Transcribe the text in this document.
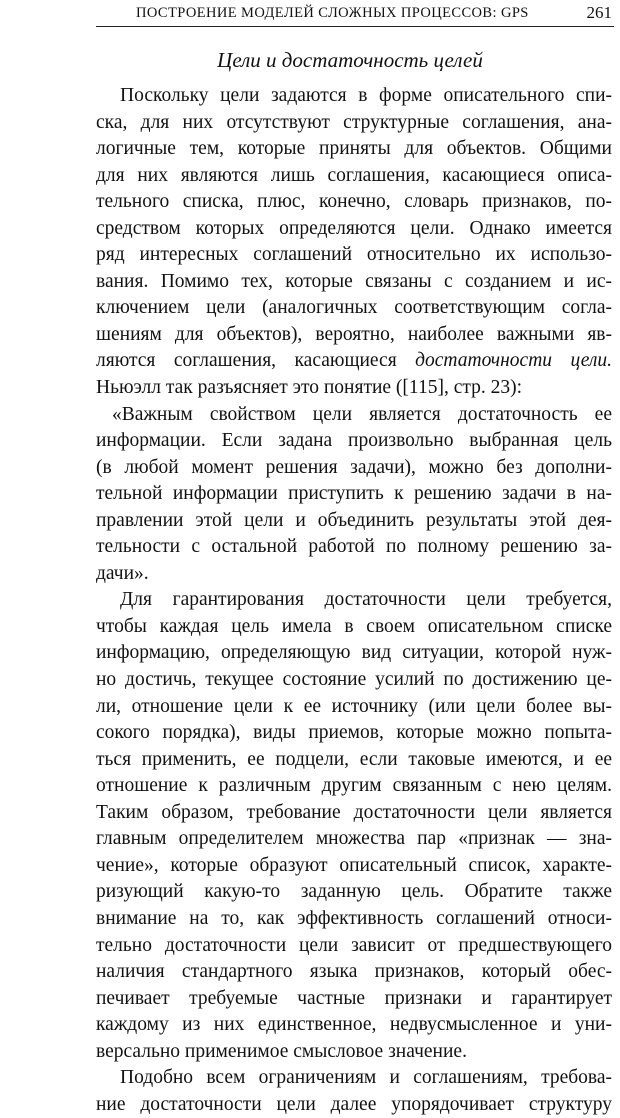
ПОСТРОЕНИЕ МОДЕЛЕЙ СЛОЖНЫХ ПРОЦЕССОВ: GPS	261
Цели и достаточность целей
Поскольку цели задаются в форме описательного спи-
ска, для них отсутствуют структурные соглашения, ана-
логичные тем, которые приняты для объектов. Общими
для них являются лишь соглашения, касающиеся описа-
тельного списка, плюс, конечно, словарь признаков, по-
средством которых определяются цели. Однако имеется
ряд интересных соглашений относительно их использо-
вания. Помимо тех, которые связаны с созданием и ис-
ключением цели (аналогичных соответствующим согла-
шениям для объектов), вероятно, наиболее важными яв-
ляются соглашения, касающиеся достаточности цели.
Ньюэлл так разъясняет это понятие ([115], стр. 23):
«Важным свойством цели является достаточность ее
информации. Если задана произвольно выбранная цель
(в любой момент решения задачи), можно без дополни-
тельной информации приступить к решению задачи в на-
правлении этой цели и объединить результаты этой дея-
тельности с остальной работой по полному решению за-
дачи».
Для гарантирования достаточности цели требуется,
чтобы каждая цель имела в своем описательном списке
информацию, определяющую вид ситуации, которой нуж-
но достичь, текущее состояние усилий по достижению це-
ли, отношение цели к ее источнику (или цели более вы-
сокого порядка), виды приемов, которые можно попыта-
ться применить, ее подцели, если таковые имеются, и ее
отношение к различным другим связанным с нею целям.
Таким образом, требование достаточности цели является
главным определителем множества пар «признак — зна-
чение», которые образуют описательный список, характе-
ризующий какую-то заданную цель. Обратите также
внимание на то, как эффективность соглашений относи-
тельно достаточности цели зависит от предшествующего
наличия стандартного языка признаков, который обес-
печивает требуемые частные признаки и гарантирует
каждому из них единственное, недвусмысленное и уни-
версально применимое смысловое значение.
Подобно всем ограничениям и соглашениям, требова-
ние достаточности цели далее упорядочивает структуру
